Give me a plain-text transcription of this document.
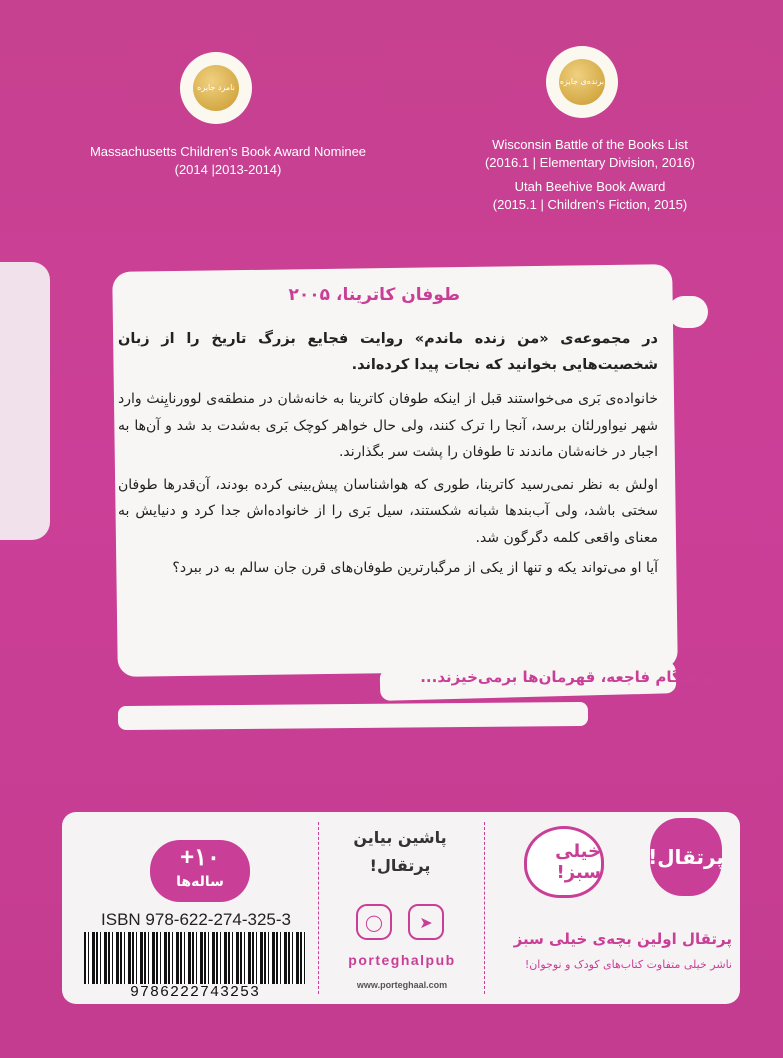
نامزد جایزه
Massachusetts Children's Book Award Nominee
(2014 |2013-2014)
برنده‌ی جایزه
Wisconsin Battle of the Books List
(2016.1 | Elementary Division, 2016)
Utah Beehive Book Award
(2015.1 | Children's Fiction, 2015)
طوفان کاترینا، ۲۰۰۵
در مجموعه‌ی «من زنده ماندم» روایت فجایع بزرگ تاریخ را از زبان شخصیت‌هایی بخوانید که نجات پیدا کرده‌اند.

خانواده‌ی بَری می‌خواستند قبل از اینکه طوفان کاترینا به خانه‌شان در منطقه‌ی لوورنایِنث وارد شهر نیواورلئان برسد، آنجا را ترک کنند، ولی حال خواهر کوچک بَری به‌شدت بد شد و آن‌ها به اجبار در خانه‌شان ماندند تا طوفان را پشت سر بگذارند.

اولش به نظر نمی‌رسید کاترینا، طوری که هواشناسان پیش‌بینی کرده بودند، آن‌قدرها طوفان سختی باشد، ولی آب‌بندها شبانه شکستند، سیل بَری را از خانواده‌اش جدا کرد و دنیایش به معنای واقعی کلمه دگرگون شد.

آیا او می‌تواند یکه و تنها از یکی از مرگبارترین طوفان‌های قرن جان سالم به در ببرد؟

و هنگام فاجعه، قهرمان‌ها برمی‌خیزند...
+۱۰
ساله‌ها
ISBN 978-622-274-325-3
9786222743253
پاشین بیاین
پرتقال!
➤
◯
porteghalpub
www.porteghaal.com
پرتقال!
خیلی سبز!
پرتقال اولین بچه‌ی خیلی سبز
ناشر خیلی متفاوت کتاب‌های کودک و نوجوان!
